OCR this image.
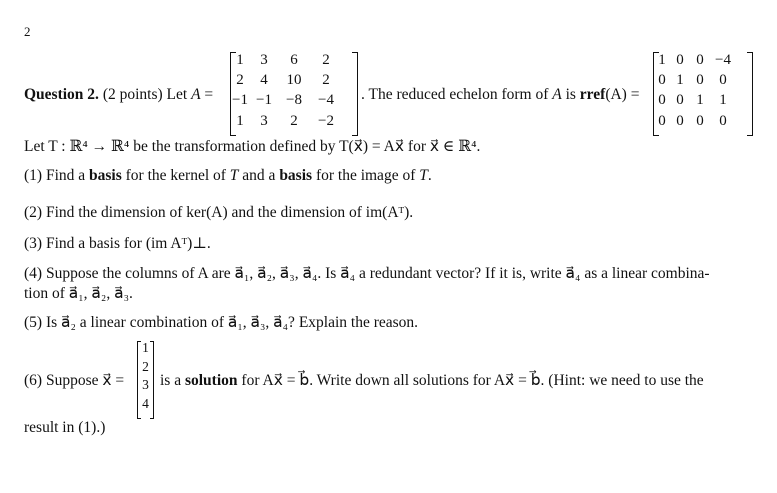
2
Question 2. (2 points) Let A =
1	3	6	2
2	4	10	2
−1 −1 −8 −4
1	3	2	−2
. The reduced echelon form of A is rref(A) =
1 0 0 −4
0 1 0	0
0 0 1	1
0 0 0	0
Let T : ℝ⁴ → ℝ⁴ be the transformation defined by T(x⃗) = Ax⃗ for x⃗ ∈ ℝ⁴.
(1) Find a basis for the kernel of T and a basis for the image of T.
(2) Find the dimension of ker(A) and the dimension of im(Aᵀ).
(3) Find a basis for (im Aᵀ)⊥.
(4) Suppose the columns of A are a⃗₁, a⃗₂, a⃗₃, a⃗₄. Is a⃗₄ a redundant vector? If it is, write a⃗₄ as a linear combina-
tion of a⃗₁, a⃗₂, a⃗₃.
(5) Is a⃗₂ a linear combination of a⃗₁, a⃗₃, a⃗₄? Explain the reason.
(6) Suppose x⃗ =
1
2
3
4
is a solution for Ax⃗ = b⃗. Write down all solutions for Ax⃗ = b⃗. (Hint: we need to use the
result in (1).)
